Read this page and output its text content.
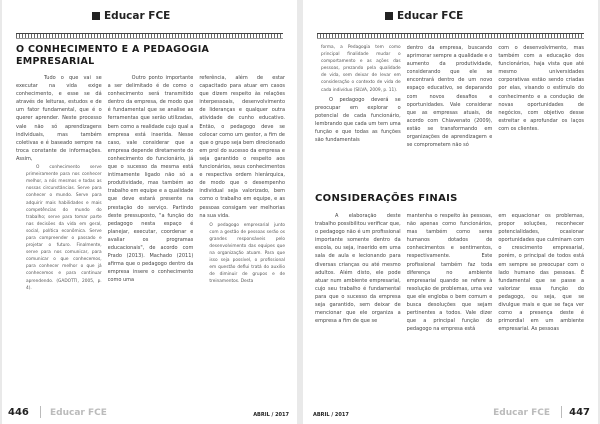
Educar FCE
O CONHECIMENTO E A PEDAGOGIA EMPRESARIAL

Tudo o que vai se executar na vida exige conhecimento, e esse se dá através de leituras, estudos e de um fator fundamental, que é o querer aprender. Neste processo vale não só aprendizagens individuais, mas também coletivas e é baseado sempre na troca constante de informações. Assim,

O conhecimento serve primeiramente para nos conhecer melhor, a nós mesmos e todas as nossas circunstâncias. Serve para conhecer o mundo. Serve para adquirir mais habilidades e mais competências do mundo do trabalho; serve para tomar parte nas decisões da vida em geral, social, política econômica. Serve para compreender o passado e projetar o futuro. Finalmente, serve para nos comunicar, para comunicar o que conhecemos, para conhecer melhor o que já conhecemos e para continuar aprendendo. (GADOTTI, 2005, p. 4).

Outro ponto importante a ser delimitado é de como o conhecimento será transmitido dentro da empresa, de modo que é fundamental que se analise as ferramentas que serão utilizadas, bem como a realidade cujo qual a empresa está inserida. Nesse caso, vale considerar que a empresa depende diretamente do conhecimento do funcionário, já que o sucesso da mesma está intimamente ligado não só a produtividade, mas também ao trabalho em equipe e a qualidade que deve estará presente na prestação do serviço. Partindo deste pressuposto, "a função do pedagogo nesta espaço é planejar, executar, coordenar e avaliar os programas educacionais", de acordo com Prado (2013). Machado (2011) afirma que o pedagogo dentro da empresa insere o conhecimento como uma

referência, além de estar capacitado para atuar em casos que dizem respeito às relações interpessoais, desenvolvimento de lideranças e qualquer outra atividade de cunho educativo. Então, o pedagogo deve se colocar como um gestor, a fim de que o grupo seja bem direcionado em prol do sucesso da empresa e seja garantido o respeito aos funcionários, seus conhecimentos e respectiva ordem hierárquica, de modo que o desempenho individual seja valorizado, bem como o trabalho em equipe, e as pessoas consigam ver melhorias na sua vida.

O pedagogo empresarial junto com a gestão de pessoas serão os grandes responsáveis pelo desenvolvimento das equipes que na organização atuam. Para que isso seja possível, o profissional em questão deflui tratá do auxílio de diminuir de grupos e de treinamentos. Desta

446 Educar FCE	ABRIL / 2017
Educar FCE

forma, a Pedagogia tem como principal finalidade mudar o comportamento e as ações das pessoas, prezando pela qualidade de vida, sem deixar de levar em consideração o contexto de vida de cada indivíduo (SILVA, 2009, p. 11).

O pedagogo deverá se preocupar em explorar o potencial de cada funcionário, lembrando que cada um tem uma função e que todas as funções são fundamentais

dentro da empresa, buscando aprimorar sempre a qualidade e o aumento da produtividade, considerando que ele se encontrará dentro de um novo espaço educativo, se deparando com novos desafios e oportunidades. Vale considerar que as empresas atuais, de acordo com Chiavenato (2009), estão se transformando em organizações de aprendizagem e se comprometem não só

com o desenvolvimento, mas também com a educação dos funcionários, haja vista que até mesmo universidades corporativas estão sendo criadas por elas, visando o estímulo do conhecimento e a condução de novas oportunidades de negócios, com objetivo desse estreitar e aprofundar os laços com os clientes.

CONSIDERAÇÕES FINAIS

A elaboração deste trabalho possibilitou verificar que, o pedagogo não é um profissional importante somente dentro da escola, ou seja, inserido em uma sala de aula e lecionando para diversas crianças ou até mesmo adultos. Além disto, ele pode atuar num ambiente empresarial, cujo seu trabalho é fundamental para que o sucesso da empresa seja garantido, sem deixar de mencionar que ele organiza a empresa a fim de que se

mantenha o respeito às pessoas, não apenas como funcionários, mas também como seres humanos dotados de conhecimentos e sentimentos, respectivamente. Este profissional também faz toda diferença no ambiente empresarial quando se refere à resolução de problemas, uma vez que ele engloba o bem comum e busca desoluções que sejam pertinentes a todos. Vale dizer que a principal função do pedagogo na empresa está

em equacionar os problemas, propor soluções, reconhecer potencialidades, ocasionar oportunidades que culminam com o crescimento empresarial, porém, o principal de todos está em sempre se preocupar com o lado humano das pessoas. É fundamental que se passe a valorizar essa função do pedagogo, ou seja, que se divulgue mais e que se faça ver como a presença deste é primordial em um ambiente empresarial. As pessoas

ABRIL / 2017	Educar FCE 447
